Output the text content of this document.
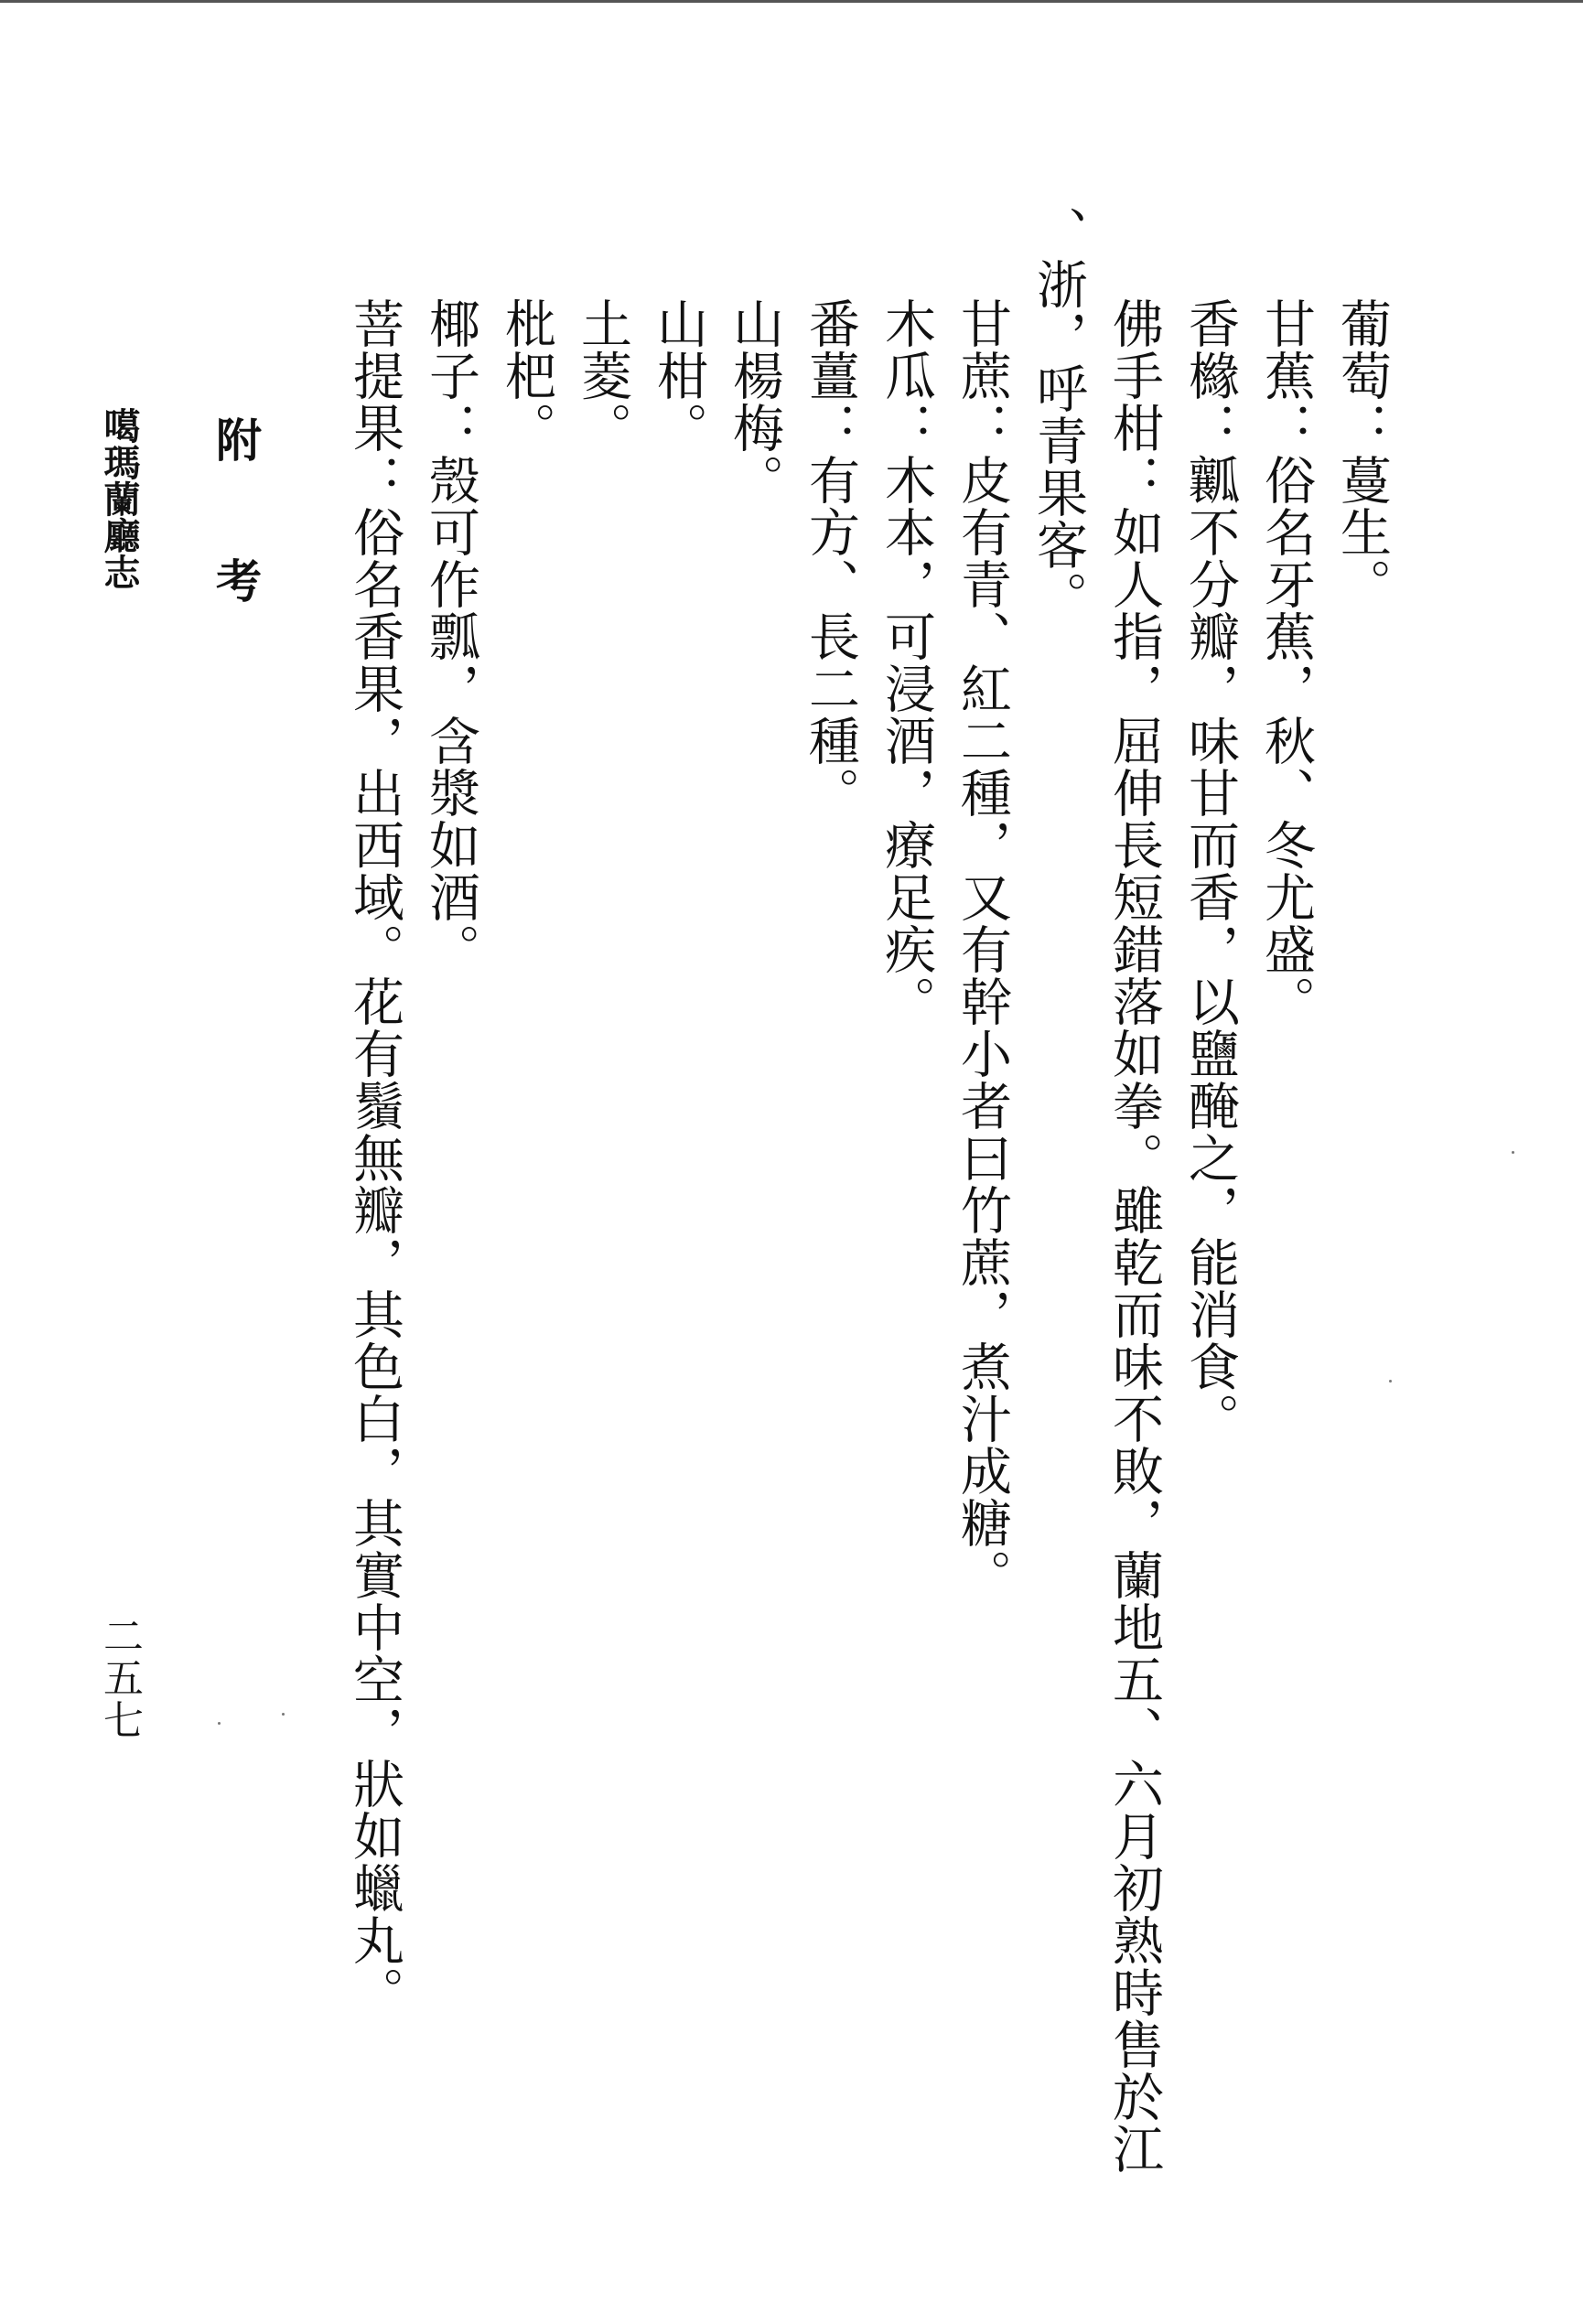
葡萄：蔓生。
甘蕉：俗名牙蕉，秋、冬尤盛。
香櫞：瓤不分瓣，味甘而香，以鹽醃之，能消食。
佛手柑：如人指，屈伸長短錯落如拳。雖乾而味不敗，蘭地五、六月初熟時售於江
、浙，呼青果客。
甘蔗：皮有青、紅二種，又有幹小者曰竹蔗，煮汁成糖。
木瓜：木本，可浸酒，療足疾。
番薑：有方、長二種。
山楊梅。
山柑。
土菱。
枇杷。
椰子：殼可作瓢，含漿如酒。
菩提果：俗名香果，出西域。花有鬚無瓣，其色白，其實中空，狀如蠟丸。
附 考
噶瑪蘭廳志
二五七
